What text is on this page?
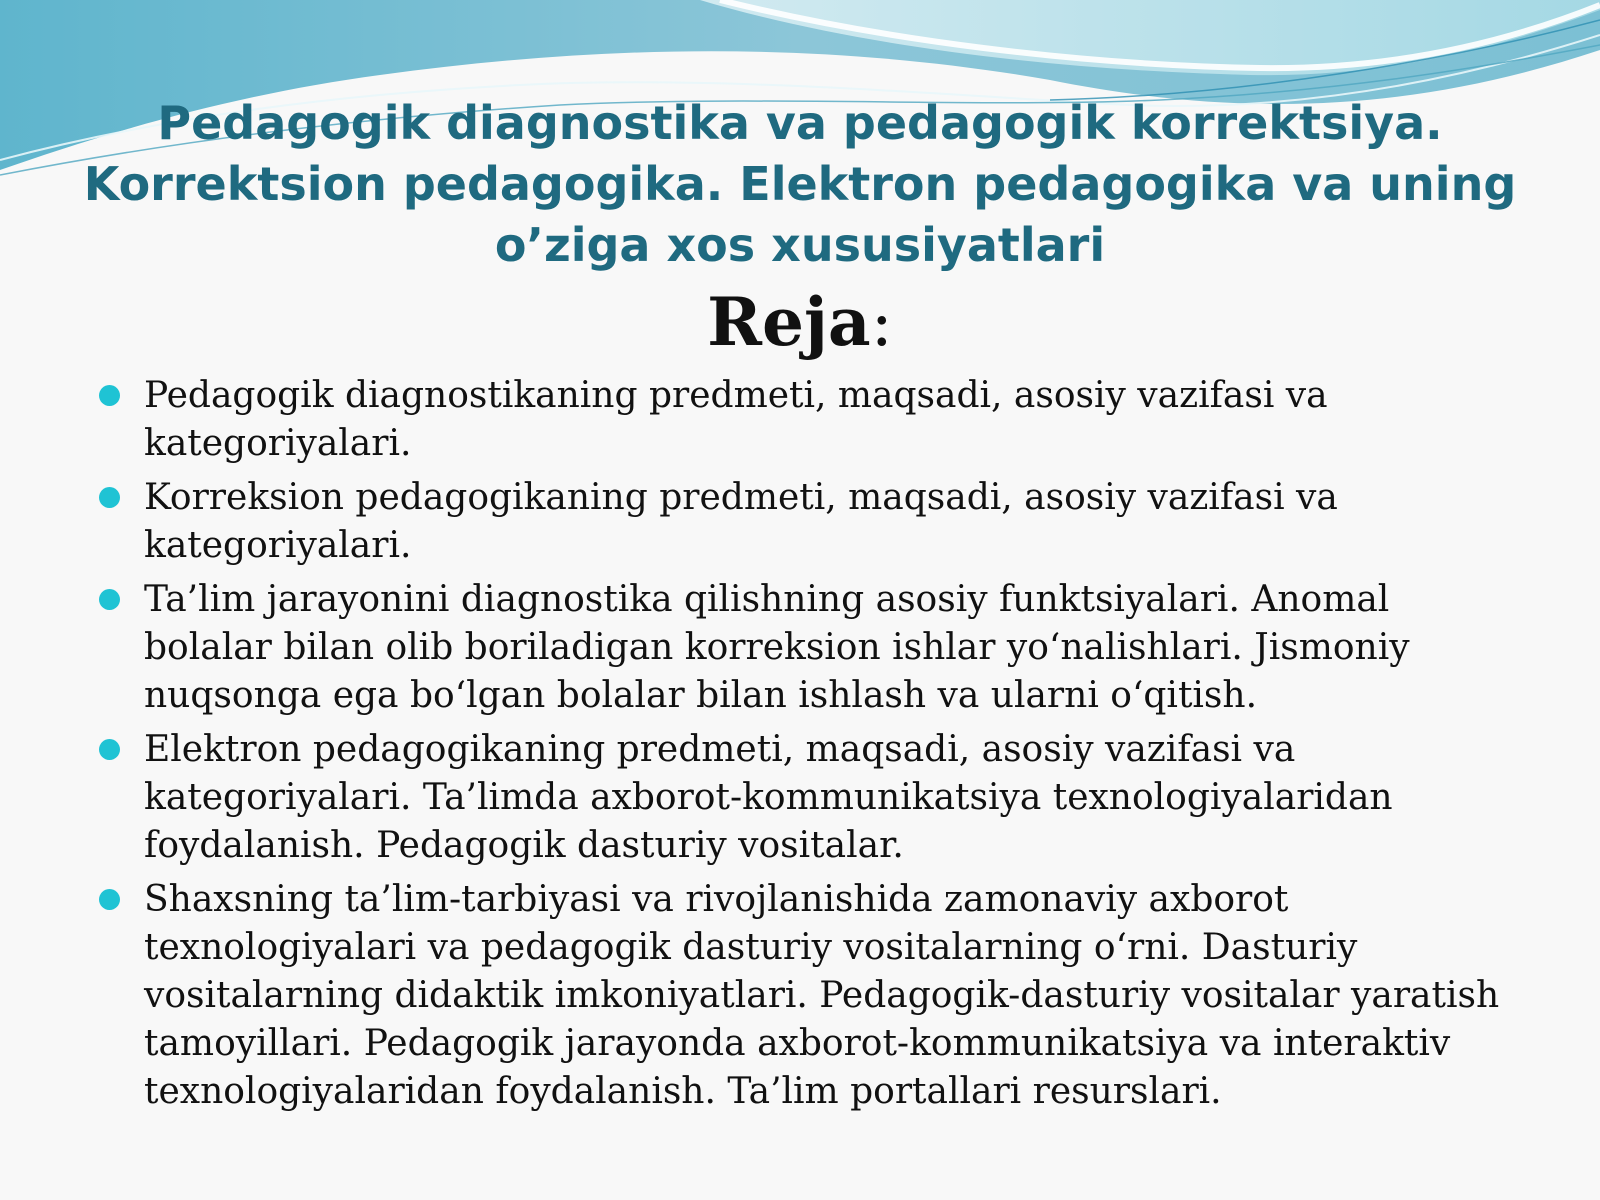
Pedagogik diagnostika va pedagogik korrektsiya.
Korrektsion pedagogika. Elektron pedagogika va uning
o’ziga xos xususiyatlari
Reja:
Pedagogik diagnostikaning predmeti, maqsadi, asosiy vazifasi va kategoriyalari.
Korreksion pedagogikaning predmeti, maqsadi, asosiy vazifasi va kategoriyalari.
Ta’lim jarayonini diagnostika qilishning asosiy funktsiyalari. Anomal bolalar bilan olib boriladigan korreksion ishlar yo‘nalishlari. Jismoniy nuqsonga ega bo‘lgan bolalar bilan ishlash va ularni o‘qitish.
Elektron pedagogikaning predmeti, maqsadi, asosiy vazifasi va kategoriyalari. Ta’limda axborot-kommunikatsiya texnologiyalaridan foydalanish. Pedagogik dasturiy vositalar.
Shaxsning ta’lim-tarbiyasi va rivojlanishida zamonaviy axborot texnologiyalari va pedagogik dasturiy vositalarning o‘rni. Dasturiy vositalarning didaktik imkoniyatlari. Pedagogik-dasturiy vositalar yaratish tamoyillari. Pedagogik jarayonda axborot-kommunikatsiya va interaktiv texnologiyalaridan foydalanish. Ta’lim portallari resurslari.
